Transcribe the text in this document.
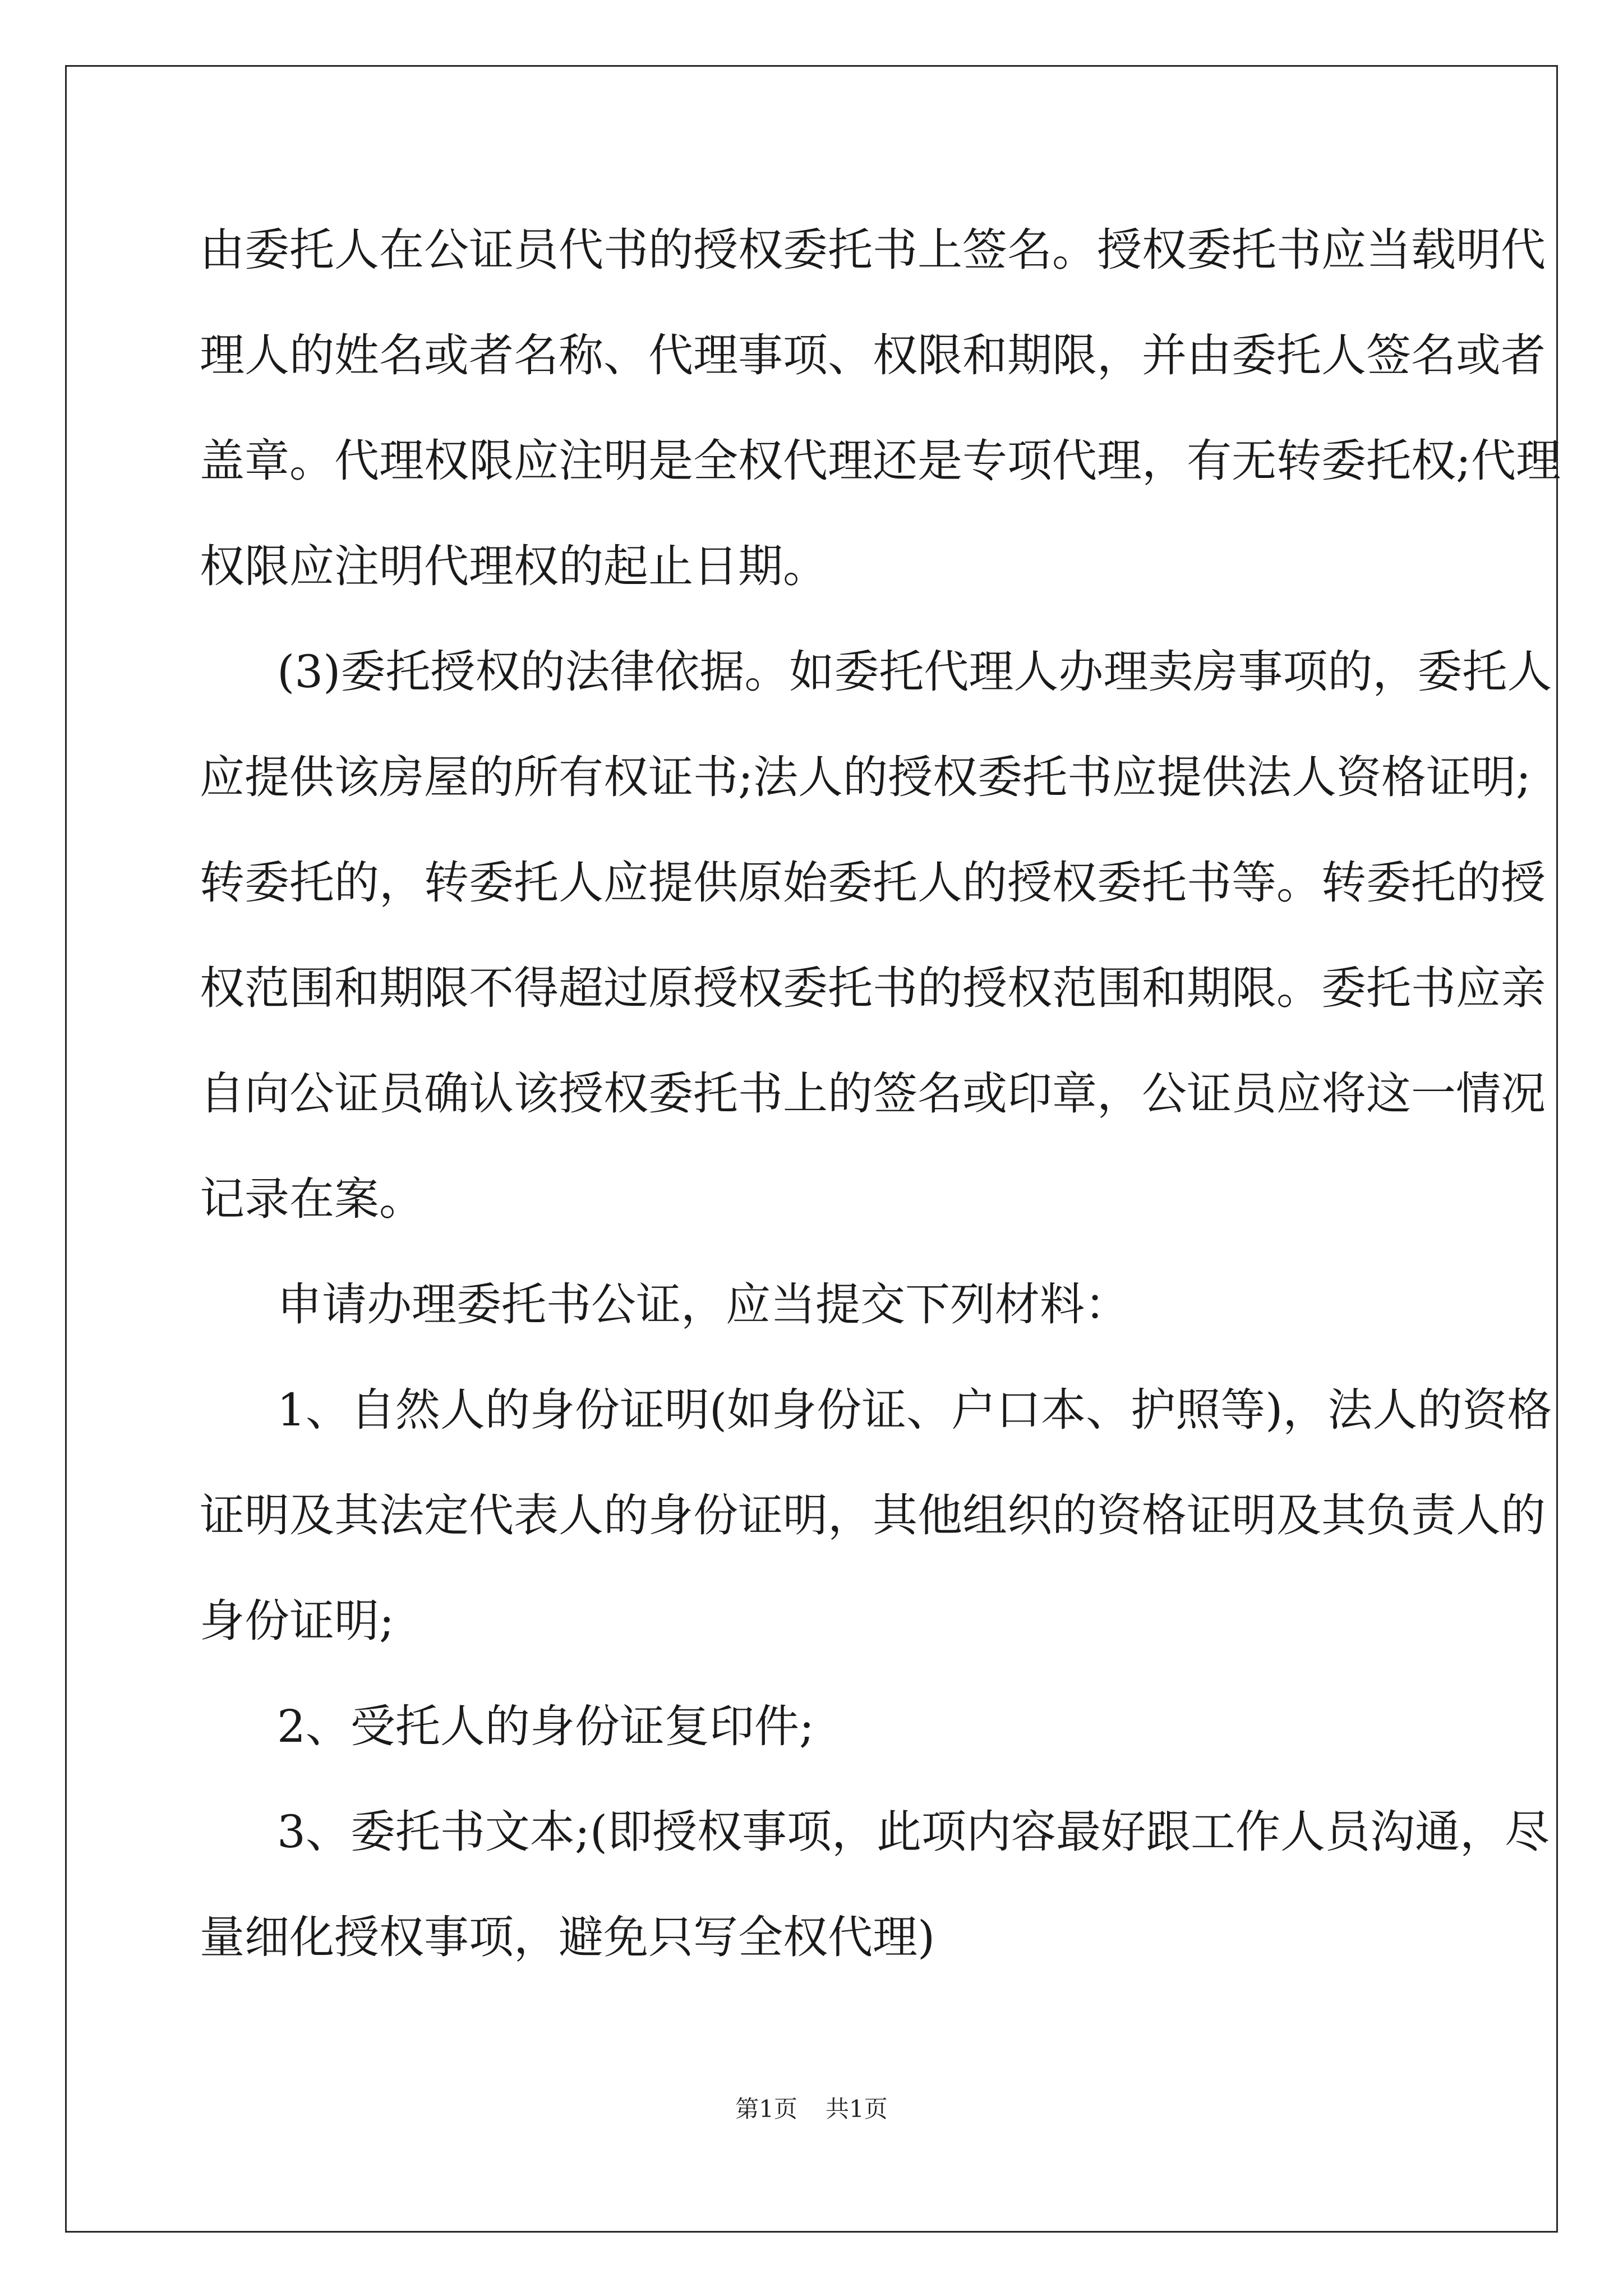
由委托人在公证员代书的授权委托书上签名。授权委托书应当载明代
理人的姓名或者名称、代理事项、权限和期限，并由委托人签名或者
盖章。代理权限应注明是全权代理还是专项代理，有无转委托权;代理
权限应注明代理权的起止日期。
(3)委托授权的法律依据。如委托代理人办理卖房事项的，委托人
应提供该房屋的所有权证书;法人的授权委托书应提供法人资格证明;
转委托的，转委托人应提供原始委托人的授权委托书等。转委托的授
权范围和期限不得超过原授权委托书的授权范围和期限。委托书应亲
自向公证员确认该授权委托书上的签名或印章，公证员应将这一情况
记录在案。
申请办理委托书公证，应当提交下列材料：
1、自然人的身份证明(如身份证、户口本、护照等)，法人的资格
证明及其法定代表人的身份证明，其他组织的资格证明及其负责人的
身份证明;
2、受托人的身份证复印件;
3、委托书文本;(即授权事项，此项内容最好跟工作人员沟通，尽
量细化授权事项，避免只写全权代理)
第1页 共1页
